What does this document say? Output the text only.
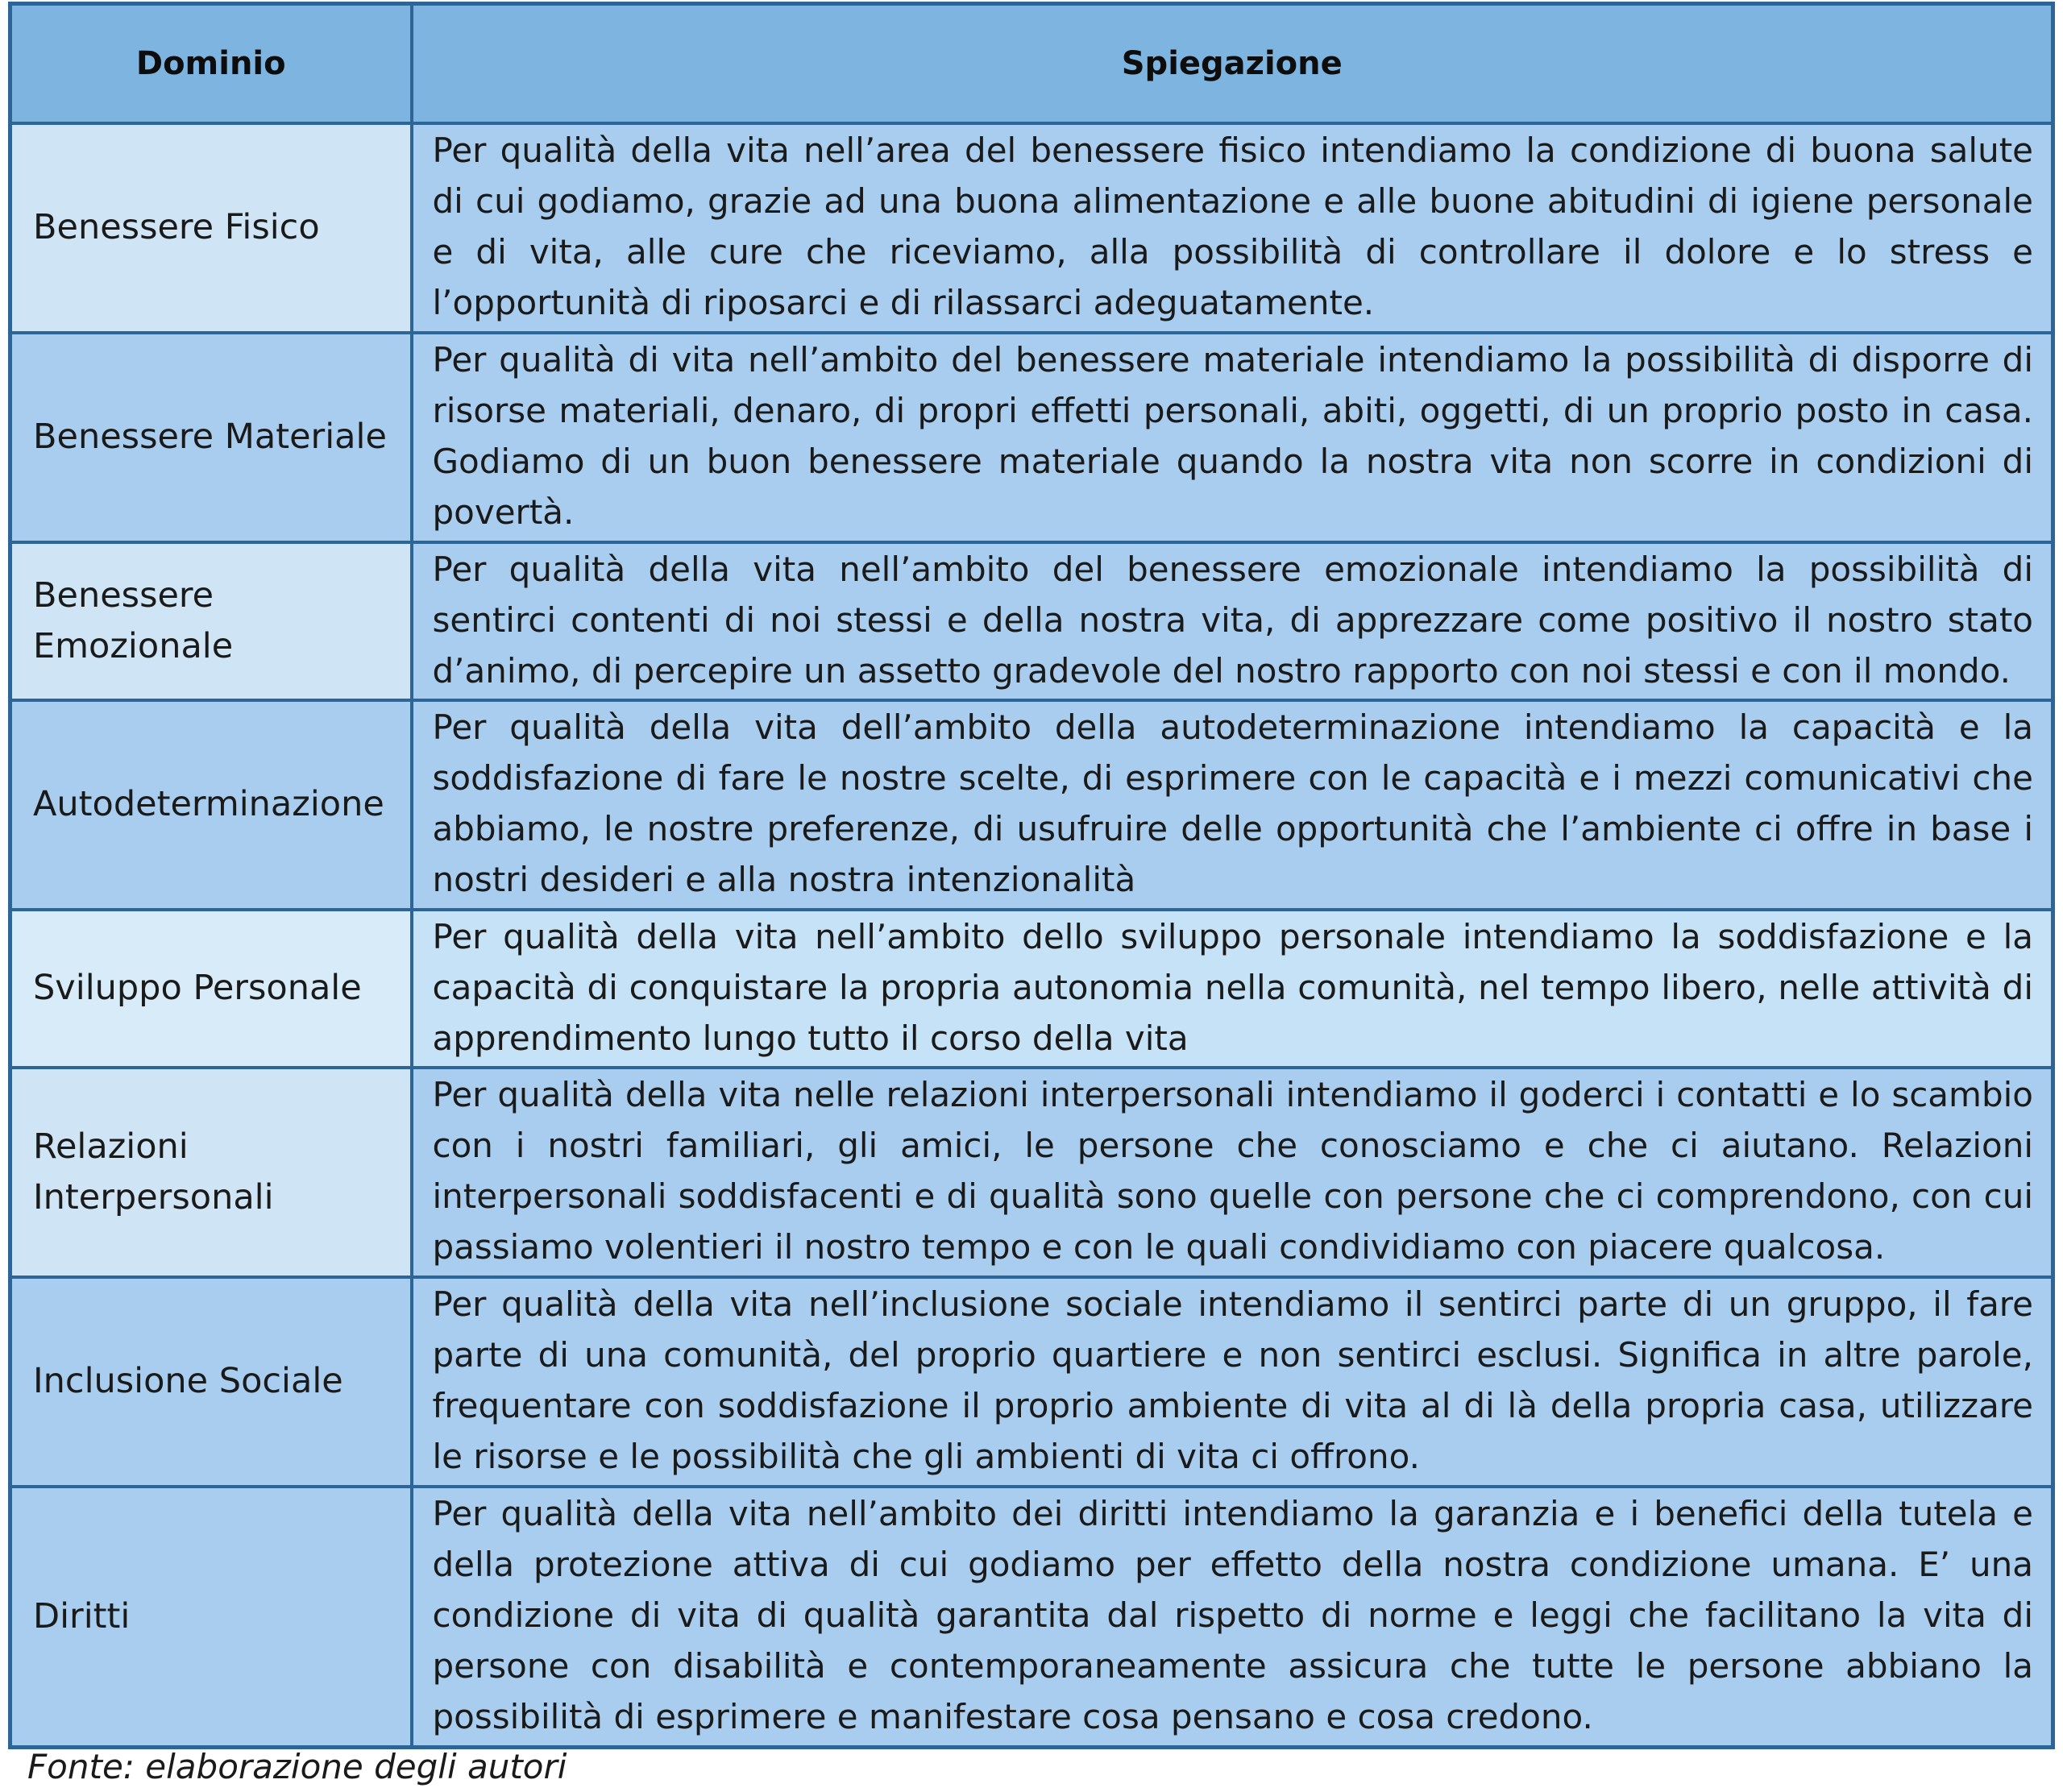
Dominio	Spiegazione
Benessere Fisico	Per qualità della vita nell’area del benessere fisico intendiamo la condizione di buona salute di cui godiamo, grazie ad una buona alimentazione e alle buone abitudini di igiene personale e di vita, alle cure che riceviamo, alla possibilità di controllare il dolore e lo stress e l’opportunità di riposarci e di rilassarci adeguatamente.
Benessere Materiale	Per qualità di vita nell’ambito del benessere materiale intendiamo la possibilità di disporre di risorse materiali, denaro, di propri effetti personali, abiti, oggetti, di un proprio posto in casa. Godiamo di un buon benessere materiale quando la nostra vita non scorre in condizioni di povertà.
Benessere Emozionale	Per qualità della vita nell’ambito del benessere emozionale intendiamo la possibilità di sentirci contenti di noi stessi e della nostra vita, di apprezzare come positivo il nostro stato d’animo, di percepire un assetto gradevole del nostro rapporto con noi stessi e con il mondo.
Autodeterminazione	Per qualità della vita dell’ambito della autodeterminazione intendiamo la capacità e la soddisfazione di fare le nostre scelte, di esprimere con le capacità e i mezzi comunicativi che abbiamo, le nostre preferenze, di usufruire delle opportunità che l’ambiente ci offre in base i nostri desideri e alla nostra intenzionalità
Sviluppo Personale	Per qualità della vita nell’ambito dello sviluppo personale intendiamo la soddisfazione e la capacità di conquistare la propria autonomia nella comunità, nel tempo libero, nelle attività di apprendimento lungo tutto il corso della vita
Relazioni Interpersonali	Per qualità della vita nelle relazioni interpersonali intendiamo il goderci i contatti e lo scambio con i nostri familiari, gli amici, le persone che conosciamo e che ci aiutano. Relazioni interpersonali soddisfacenti e di qualità sono quelle con persone che ci comprendono, con cui passiamo volentieri il nostro tempo e con le quali condividiamo con piacere qualcosa.
Inclusione Sociale	Per qualità della vita nell’inclusione sociale intendiamo il sentirci parte di un gruppo, il fare parte di una comunità, del proprio quartiere e non sentirci esclusi. Significa in altre parole, frequentare con soddisfazione il proprio ambiente di vita al di là della propria casa, utilizzare le risorse e le possibilità che gli ambienti di vita ci offrono.
Diritti	Per qualità della vita nell’ambito dei diritti intendiamo la garanzia e i benefici della tutela e della protezione attiva di cui godiamo per effetto della nostra condizione umana. E’ una condizione di vita di qualità garantita dal rispetto di norme e leggi che facilitano la vita di persone con disabilità e contemporaneamente assicura che tutte le persone abbiano la possibilità di esprimere e manifestare cosa pensano e cosa credono.
Fonte: elaborazione degli autori
